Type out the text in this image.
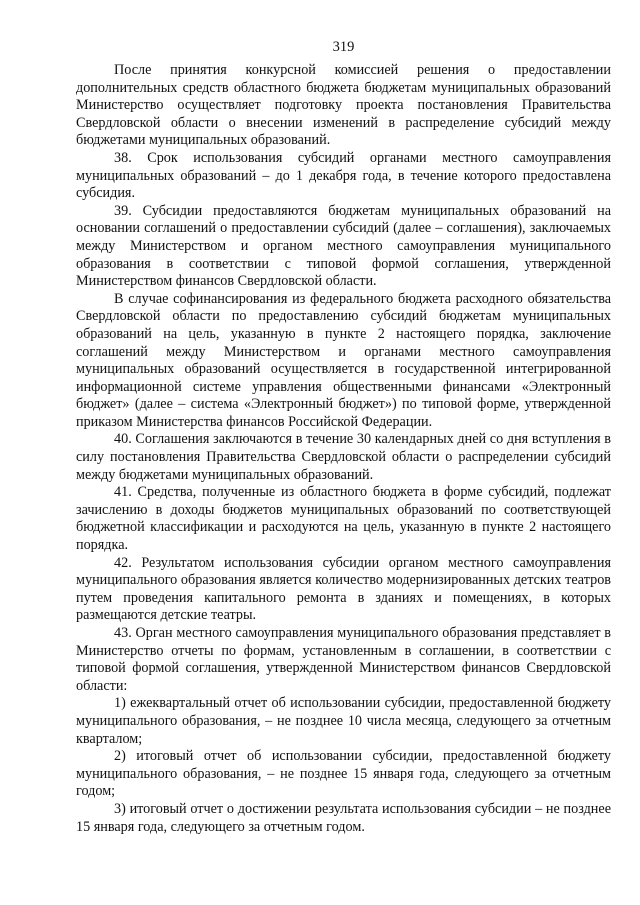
319

После принятия конкурсной комиссией решения о предоставлении дополнительных средств областного бюджета бюджетам муниципальных образований Министерство осуществляет подготовку проекта постановления Правительства Свердловской области о внесении изменений в распределение субсидий между бюджетами муниципальных образований.

38. Срок использования субсидий органами местного самоуправления муниципальных образований – до 1 декабря года, в течение которого предоставлена субсидия.

39. Субсидии предоставляются бюджетам муниципальных образований на основании соглашений о предоставлении субсидий (далее – соглашения), заключаемых между Министерством и органом местного самоуправления муниципального образования в соответствии с типовой формой соглашения, утвержденной Министерством финансов Свердловской области.

В случае софинансирования из федерального бюджета расходного обязательства Свердловской области по предоставлению субсидий бюджетам муниципальных образований на цель, указанную в пункте 2 настоящего порядка, заключение соглашений между Министерством и органами местного самоуправления муниципальных образований осуществляется в государственной интегрированной информационной системе управления общественными финансами «Электронный бюджет» (далее – система «Электронный бюджет») по типовой форме, утвержденной приказом Министерства финансов Российской Федерации.

40. Соглашения заключаются в течение 30 календарных дней со дня вступления в силу постановления Правительства Свердловской области о распределении субсидий между бюджетами муниципальных образований.

41. Средства, полученные из областного бюджета в форме субсидий, подлежат зачислению в доходы бюджетов муниципальных образований по соответствующей бюджетной классификации и расходуются на цель, указанную в пункте 2 настоящего порядка.

42. Результатом использования субсидии органом местного самоуправления муниципального образования является количество модернизированных детских театров путем проведения капитального ремонта в зданиях и помещениях, в которых размещаются детские театры.

43. Орган местного самоуправления муниципального образования представляет в Министерство отчеты по формам, установленным в соглашении, в соответствии с типовой формой соглашения, утвержденной Министерством финансов Свердловской области:

1) ежеквартальный отчет об использовании субсидии, предоставленной бюджету муниципального образования, – не позднее 10 числа месяца, следующего за отчетным кварталом;

2) итоговый отчет об использовании субсидии, предоставленной бюджету муниципального образования, – не позднее 15 января года, следующего за отчетным годом;

3) итоговый отчет о достижении результата использования субсидии – не позднее 15 января года, следующего за отчетным годом.
